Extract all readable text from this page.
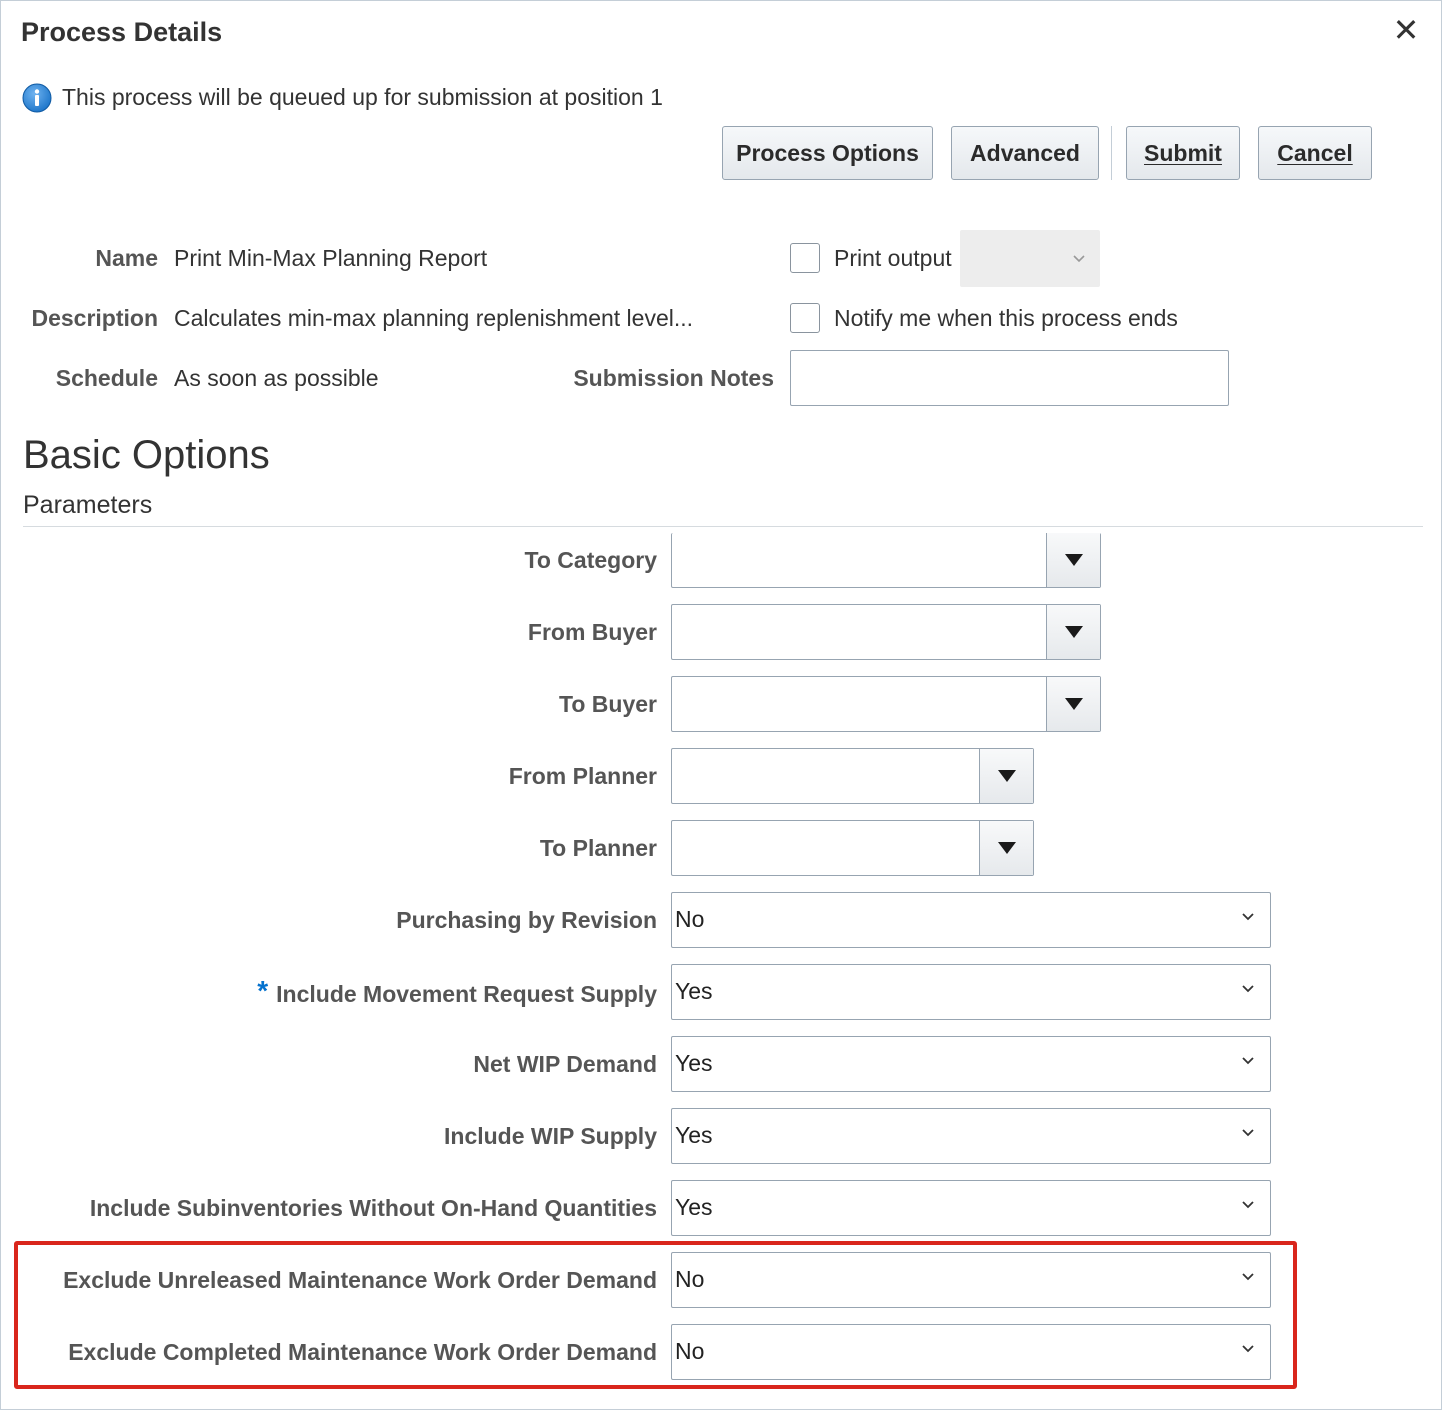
Process Details	✕
This process will be queued up for submission at position 1
Process Options	Advanced	Submit	Cancel
Name Print Min-Max Planning Report
Description Calculates min-max planning replenishment level...
Schedule As soon as possible
Print output
Notify me when this process ends
Submission Notes
Basic Options
Parameters
To Category
From Buyer
To Buyer
From Planner
To Planner
Purchasing by Revision No
* Include Movement Request Supply Yes
Net WIP Demand Yes
Include WIP Supply Yes
Include Subinventories Without On-Hand Quantities Yes
Exclude Unreleased Maintenance Work Order Demand No
Exclude Completed Maintenance Work Order Demand No
